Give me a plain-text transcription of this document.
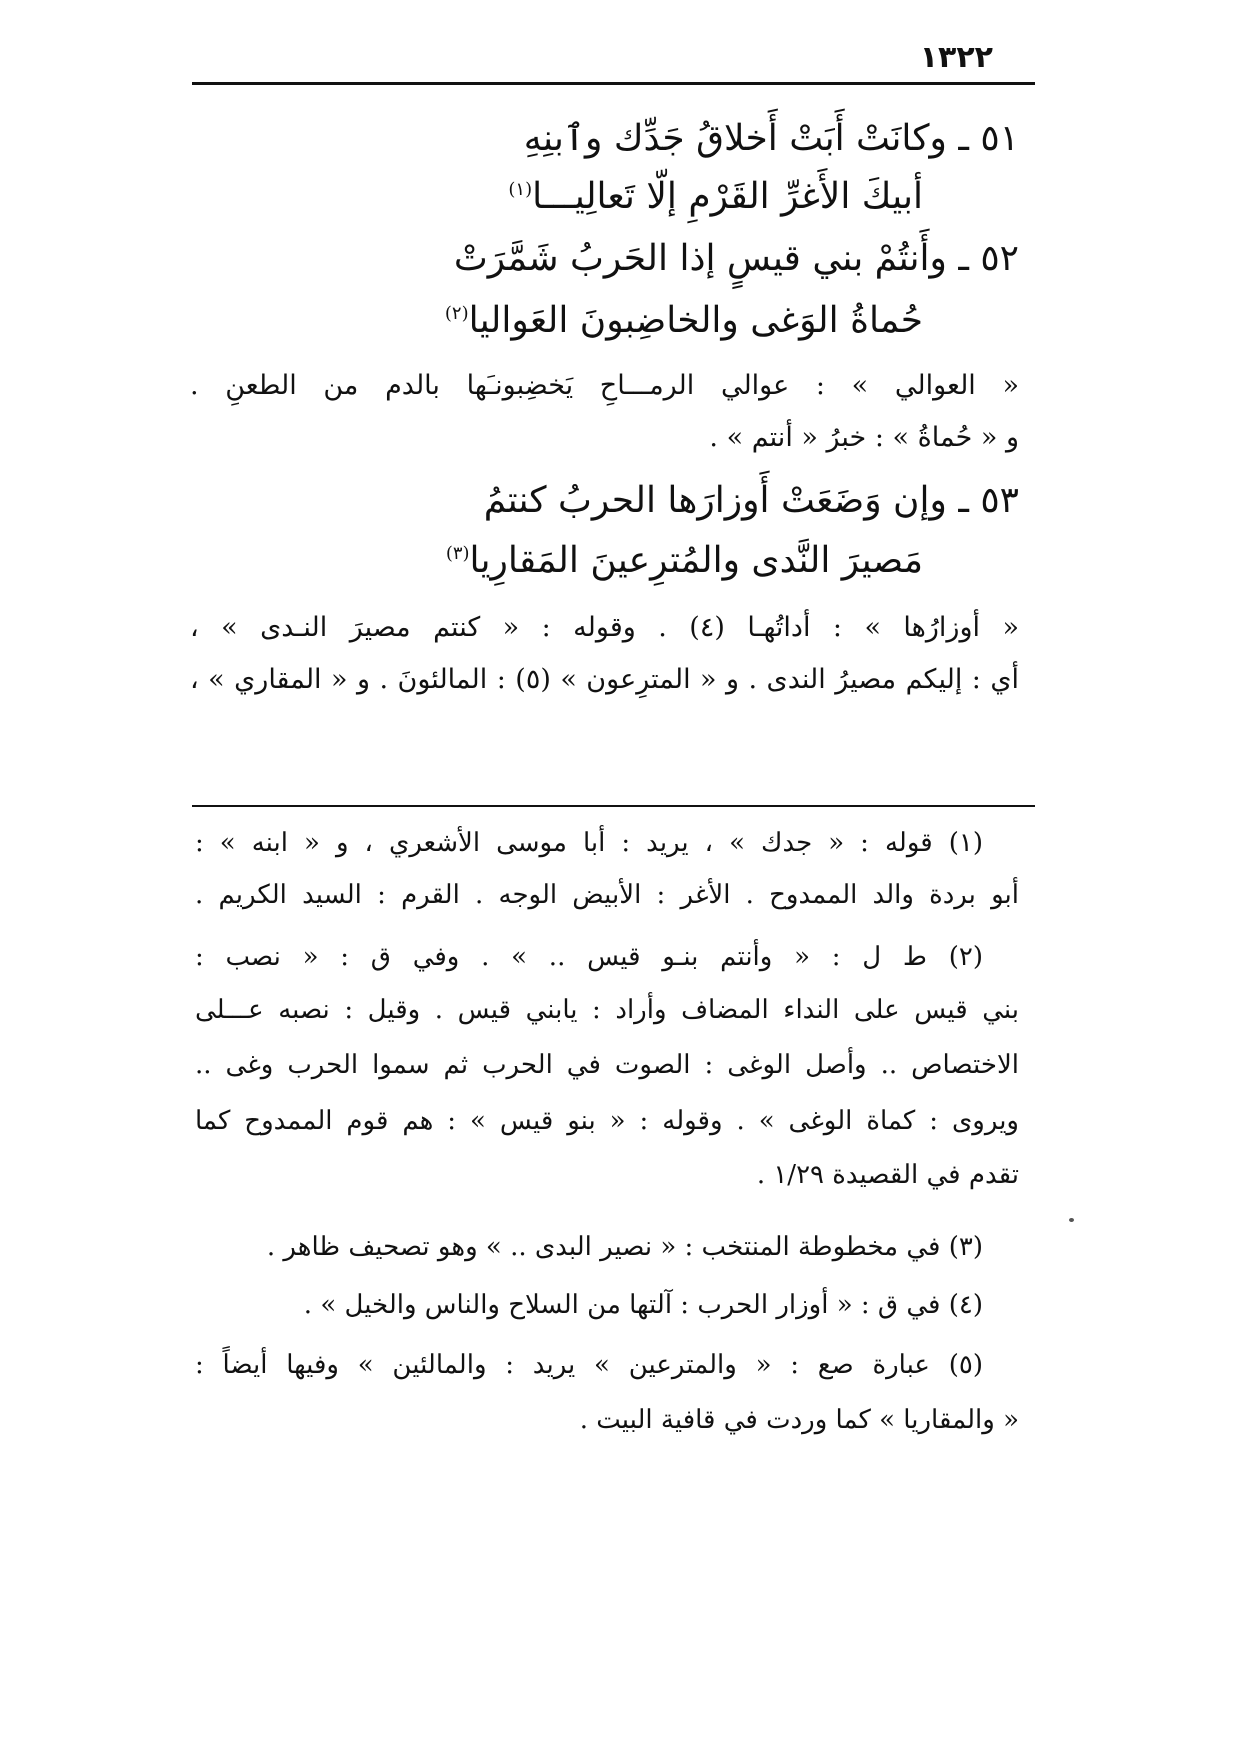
١٣٢٢
٥١ ـ وكانَتْ أَبَتْ أَخلاقُ جَدِّك وٱبنِهِ
أبيكَ الأَغرِّ القَرْمِ إلّا تَعالِيـــا$^{(١)}$
٥٢ ـ وأَنتُمْ بني قيسٍ إذا الحَربُ شَمَّرَتْ
حُماةُ الوَغى والخاضِبونَ العَواليا$^{(٢)}$
« العوالي » : عوالي الرمـــاحِ يَخضِبونـَها بالدم من الطعنِ .
و « حُماةُ » : خبرُ « أنتم » .
٥٣ ـ وإن وَضَعَتْ أَوزارَها الحربُ كنتمُ
مَصيرَ النَّدى والمُترِعينَ المَقارِيا$^{(٣)}$
« أوزارُها » : أداتُهـا (٤) . وقوله : « كنتم مصيرَ النـدى » ،
أي : إليكم مصيرُ الندى . و « المترِعون » (٥) : المالئونَ . و « المقاري » ،
(١) قوله : « جدك » ، يريد : أبا موسى الأشعري ، و « ابنه » :
أبو بردة والد الممدوح . الأغر : الأبيض الوجه . القرم : السيد الكريم .
(٢) ط ل : « وأنتم بنـو قيس .. » . وفي ق : « نصب :
بني قيس على النداء المضاف وأراد : يابني قيس . وقيل : نصبه عـــلى
الاختصاص .. وأصل الوغى : الصوت في الحرب ثم سموا الحرب وغى ..
ويروى : كماة الوغى » . وقوله : « بنو قيس » : هم قوم الممدوح كما
تقدم في القصيدة ١/٢٩ .
(٣) في مخطوطة المنتخب : « نصير البدى .. » وهو تصحيف ظاهر .
(٤) في ق : « أوزار الحرب : آلتها من السلاح والناس والخيل » .
(٥) عبارة صع : « والمترعين » يريد : والمالئين » وفيها أيضاً :
« والمقاريا » كما وردت في قافية البيت .
